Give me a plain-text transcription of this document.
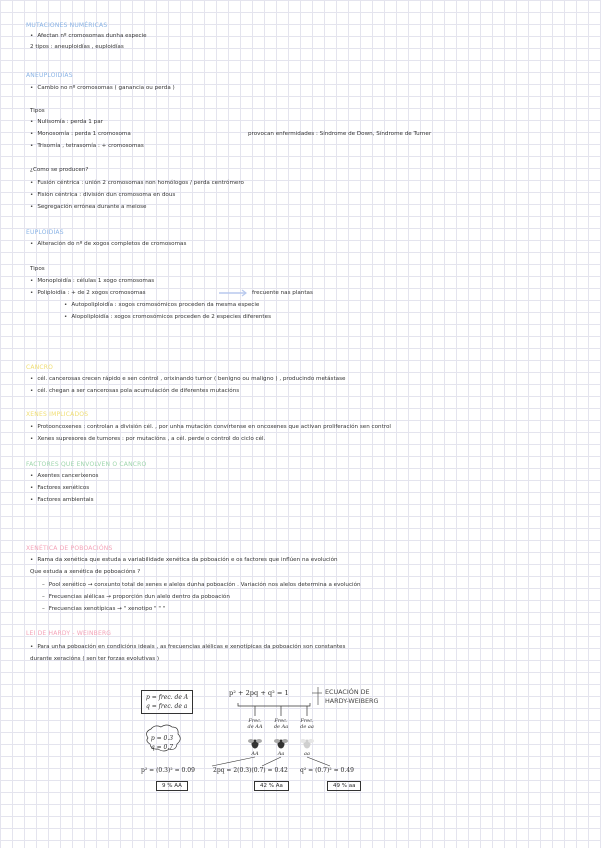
MUTACIONES NUMÉRICAS
• Afectan nº cromosomas dunha especie
2 tipos : aneuploidías , euploidías
ANEUPLOIDÍAS
• Cambio no nº cromosomas ( ganancia ou perda )
Tipos
• Nulisomía : perda 1 par
• Monosomía : perda 1 cromosoma	provocan enfermidades : Síndrome de Down, Síndrome de Turner
• Trisomía , tetrasomía : + cromosomas
¿Como se producen?
• Fusión céntrica : unión 2 cromosomas non homólogos / perda centrómero
• Fisión céntrica : división dun cromosoma en dous
• Segregación errónea durante a meiose
EUPLOIDÍAS
• Alteración do nº de xogos completos de cromosomas
Tipos
• Monoploidía : células 1 xogo cromosomas
• Poliploidía : + de 2 xogos cromosomas	frecuente nas plantas
• Autopoliploidía : xogos cromosómicos proceden da mesma especie
• Alopoliploidía : xogos cromosómicos proceden de 2 especies diferentes
CANCRO
• cél. cancerosas crecen rápido e sen control , orixinando tumor ( benigno ou maligno ) , producindo metástase
• cél. chegan a ser cancerosas pola acumulación de diferentes mutacións
XENES IMPLICADOS
• Protooncoxenes : controlan a división cél. , por unha mutación convírtense en oncoxenes que activan proliferación sen control
• Xenes supresores de tumores : por mutacións , a cél. perde o control do ciclo cél.
FACTORES QUE ENVOLVEN O CANCRO
• Axentes canceríxenos
• Factores xenéticos
• Factores ambientais
XENÉTICA DE POBOACIÓNS
• Rama da xenética que estuda a variabilidade xenética da poboación e os factores que inflúen na evolución
Que estuda a xenética de poboacións ?
– Pool xenético → conxunto total de xenes e alelos dunha poboación . Variación nos alelos determina a evolución
– Frecuencias alélicas → proporción dun alelo dentro da poboación
– Frecuencias xenotípicas → " xenotipo " " "
LEI DE HARDY - WEINBERG
• Para unha poboación en condicións ideais , as frecuencias alélicas e xenotípicas da poboación son constantes
durante xeracións ( sen ter forzas evolutivas )
p = frec. de A
q = frec. de a
p² + 2pq + q² = 1	ECUACIÓN DE
HARDY-WEIBERG
Frec.
de AA
Frec.
de Aa
Frec.
de aa
AA	Aa	aa
p = 0.3
q = 0.7
p² = (0.3)² = 0.09	2pq = 2(0.3)(0.7) = 0.42 q² = (0.7)² = 0.49
9 % AA	42 % Aa	49 % aa
